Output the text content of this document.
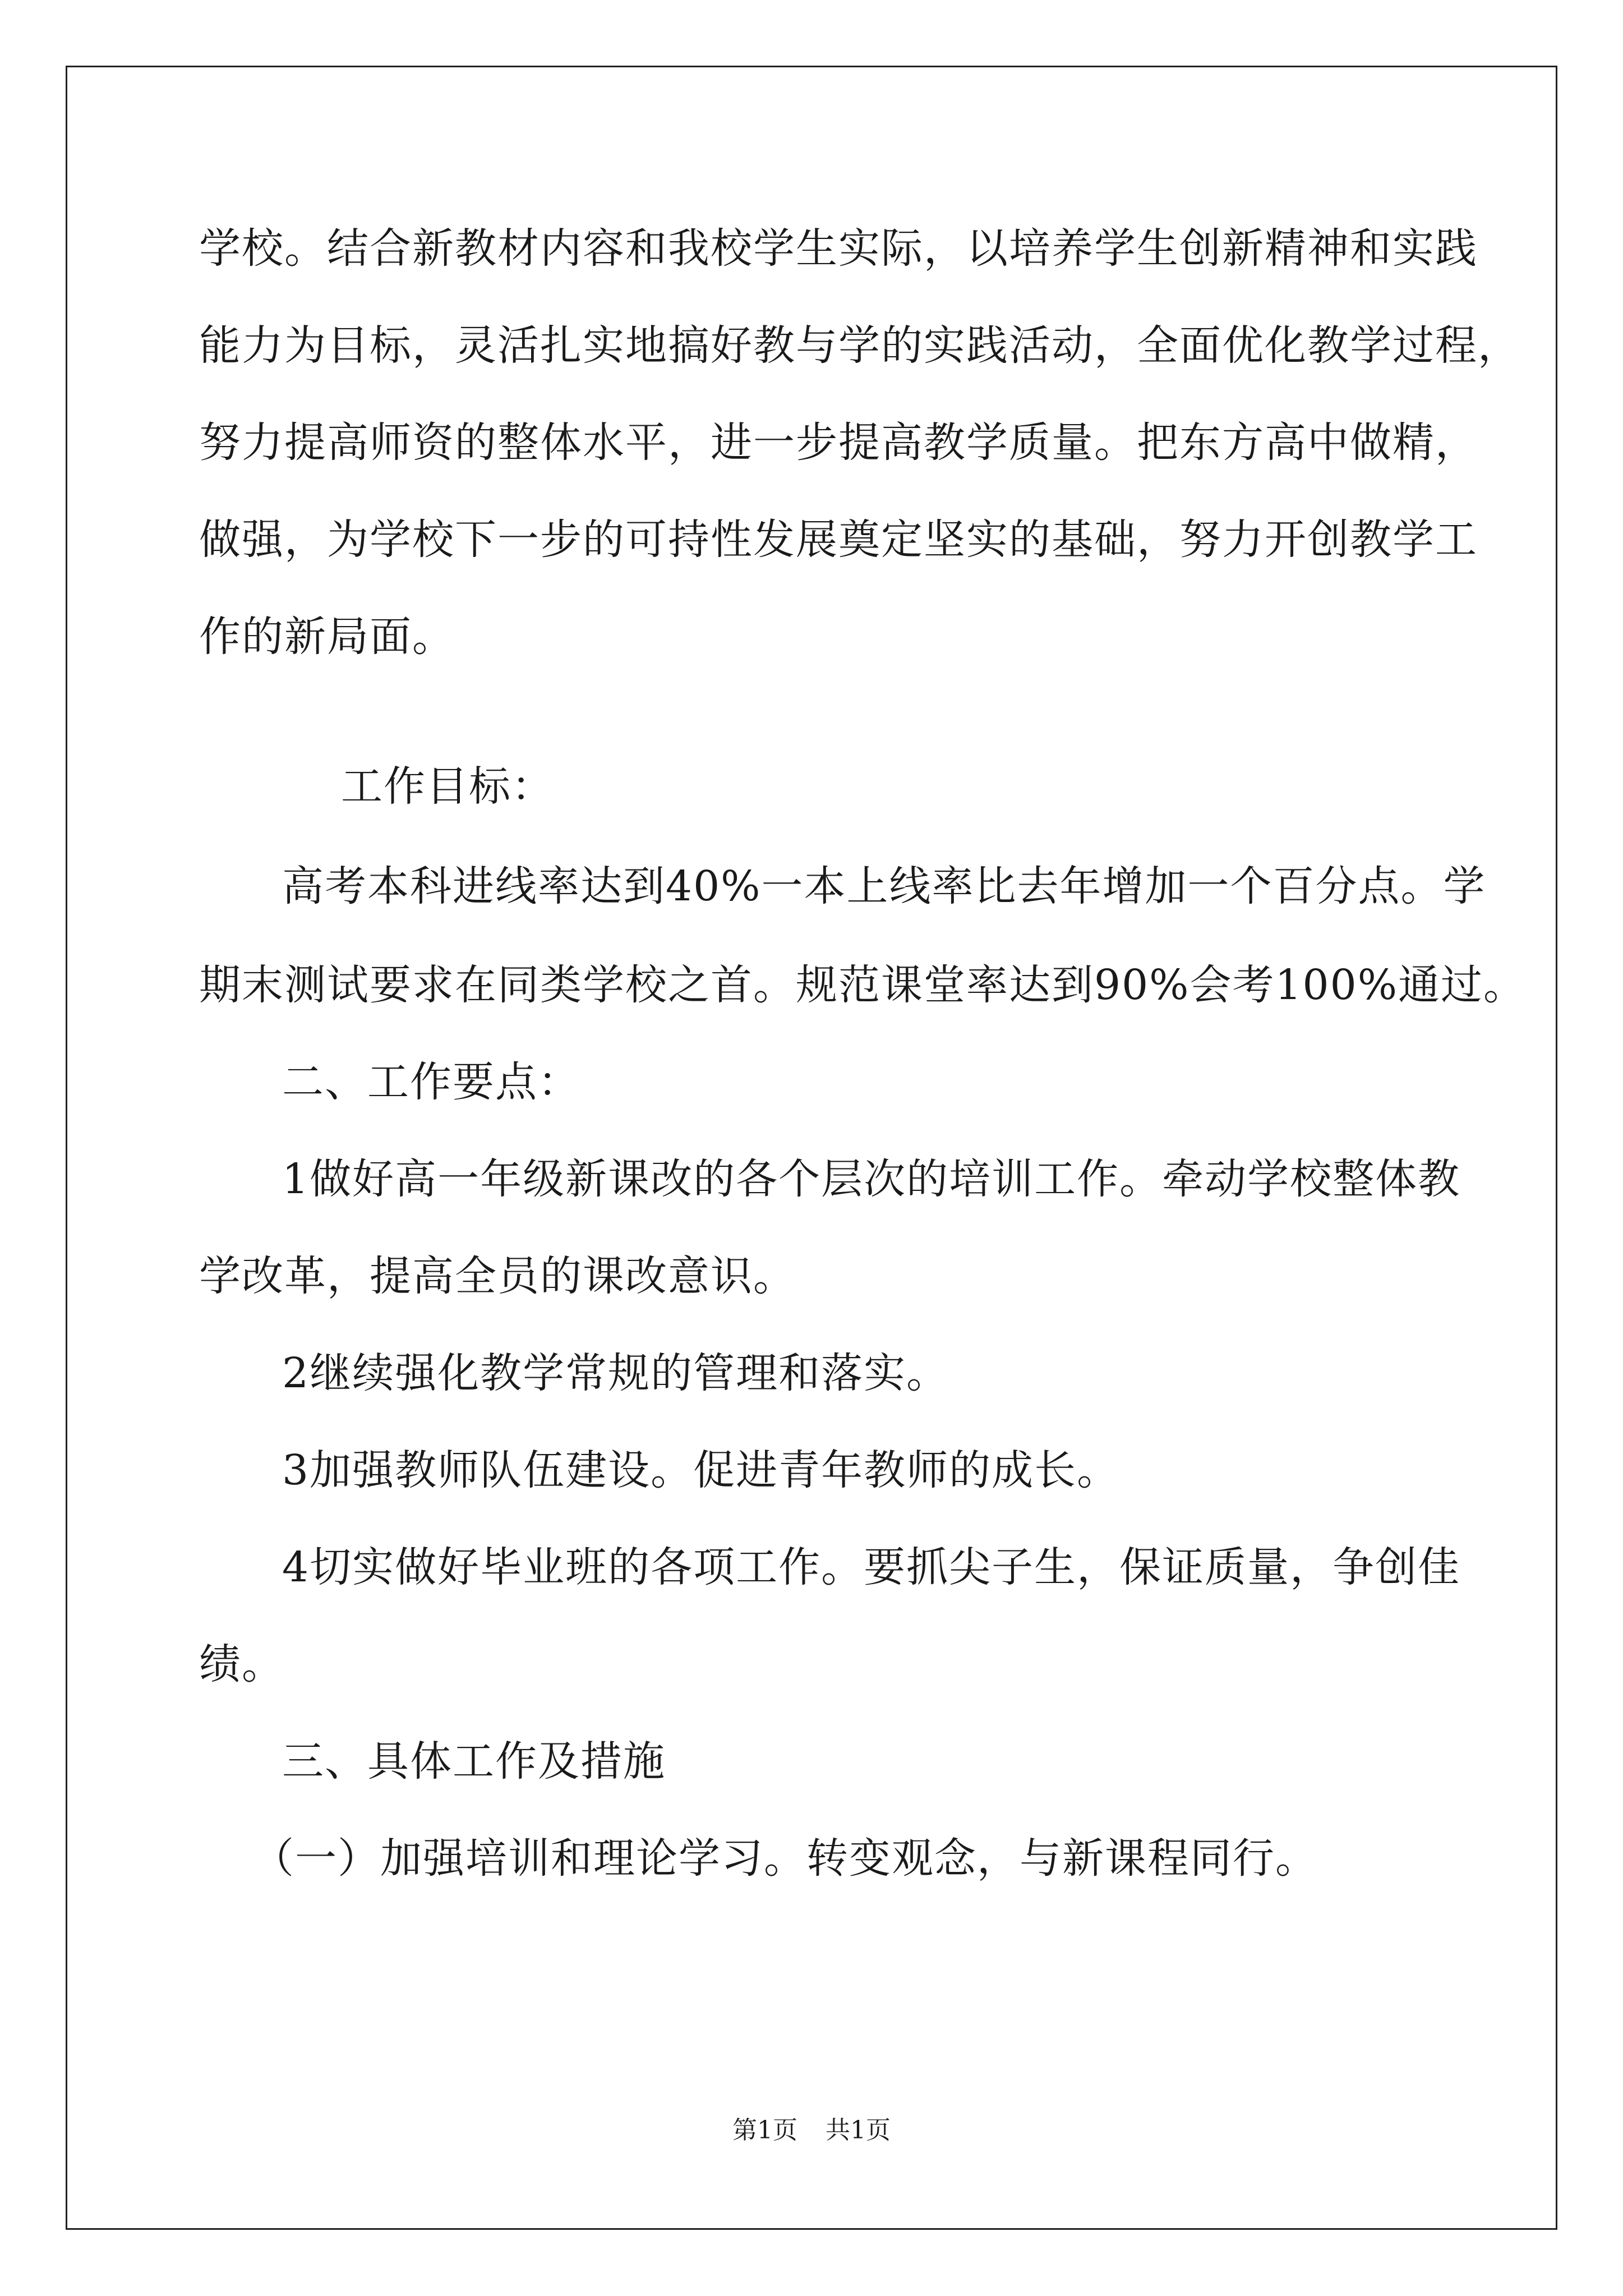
学校。结合新教材内容和我校学生实际，以培养学生创新精神和实践
能力为目标，灵活扎实地搞好教与学的实践活动，全面优化教学过程，
努力提高师资的整体水平，进一步提高教学质量。把东方高中做精，
做强，为学校下一步的可持性发展奠定坚实的基础，努力开创教学工
作的新局面。
工作目标：
高考本科进线率达到40%一本上线率比去年增加一个百分点。学
期末测试要求在同类学校之首。规范课堂率达到90%会考100%通过。
二、工作要点：
1做好高一年级新课改的各个层次的培训工作。牵动学校整体教
学改革，提高全员的课改意识。
2继续强化教学常规的管理和落实。
3加强教师队伍建设。促进青年教师的成长。
4切实做好毕业班的各项工作。要抓尖子生，保证质量，争创佳
绩。
三、具体工作及措施
（一）加强培训和理论学习。转变观念，与新课程同行。
第1页 共1页
